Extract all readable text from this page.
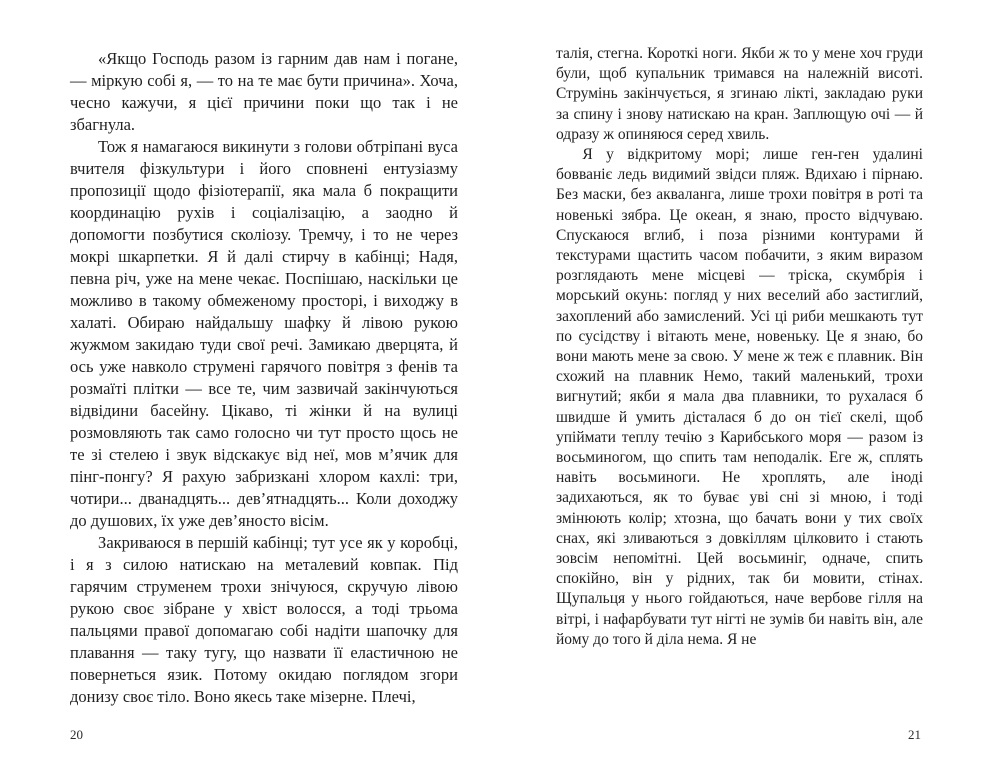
«Якщо Господь разом із гарним дав нам і погане, — міркую собі я, — то на те має бути причина». Хоча, чесно кажучи, я цієї причини поки що так і не збагнула.

Тож я намагаюся викинути з голови обтріпані вуса вчителя фізкультури і його сповнені ентузіазму пропозиції щодо фізіотерапії, яка мала б покращити координацію рухів і соціалізацію, а заодно й допомогти позбутися сколіозу. Тремчу, і то не через мокрі шкарпетки. Я й далі стирчу в кабінці; Надя, певна річ, уже на мене чекає. Поспішаю, наскільки це можливо в такому обмеженому просторі, і виходжу в халаті. Обираю найдальшу шафку й лівою рукою жужмом закидаю туди свої речі. Замикаю дверцята, й ось уже навколо струмені гарячого повітря з фенів та розмаїті плітки — все те, чим зазвичай закінчуються відвідини басейну. Цікаво, ті жінки й на вулиці розмовляють так само голосно чи тут просто щось не те зі стелею і звук відскакує від неї, мов м’ячик для пінг-понгу? Я рахую забризкані хлором кахлі: три, чотири... дванадцять... дев’ятнадцять... Коли доходжу до душових, їх уже дев’яносто вісім.

Закриваюся в першій кабінці; тут усе як у коробці, і я з силою натискаю на металевий ковпак. Під гарячим струменем трохи знічуюся, скручую лівою рукою своє зібране у хвіст волосся, а тоді трьома пальцями правої допомагаю собі надіти шапочку для плавання — таку тугу, що назвати її еластичною не повернеться язик. Потому окидаю поглядом згори донизу своє тіло. Воно якесь таке мізерне. Плечі,

талія, стегна. Короткі ноги. Якби ж то у мене хоч груди були, щоб купальник тримався на належній висоті. Струмінь закінчується, я згинаю лікті, закладаю руки за спину і знову натискаю на кран. Заплющую очі — й одразу ж опиняюся серед хвиль.

Я у відкритому морі; лише ген-ген удалині бовваніє ледь видимий звідси пляж. Вдихаю і пірнаю. Без маски, без акваланга, лише трохи повітря в роті та новенькі зябра. Це океан, я знаю, просто відчуваю. Спускаюся вглиб, і поза різними контурами й текстурами щастить часом побачити, з яким виразом розглядають мене місцеві — тріска, скумбрія і морський окунь: погляд у них веселий або застиглий, захоплений або замислений. Усі ці риби мешкають тут по сусідству і вітають мене, новеньку. Це я знаю, бо вони мають мене за свою. У мене ж теж є плавник. Він схожий на плавник Немо, такий маленький, трохи вигнутий; якби я мала два плавники, то рухалася б швидше й умить дісталася б до он тієї скелі, щоб упіймати теплу течію з Карибського моря — разом із восьминогом, що спить там неподалік. Еге ж, сплять навіть восьминоги. Не хроплять, але іноді задихаються, як то буває уві сні зі мною, і тоді змінюють колір; хтозна, що бачать вони у тих своїх снах, які зливаються з довкіллям цілковито і стають зовсім непомітні. Цей восьминіг, одначе, спить спокійно, він у рідних, так би мовити, стінах. Щупальця у нього гойдаються, наче вербове гілля на вітрі, і нафарбувати тут нігті не зумів би навіть він, але йому до того й діла нема. Я не

20	21
